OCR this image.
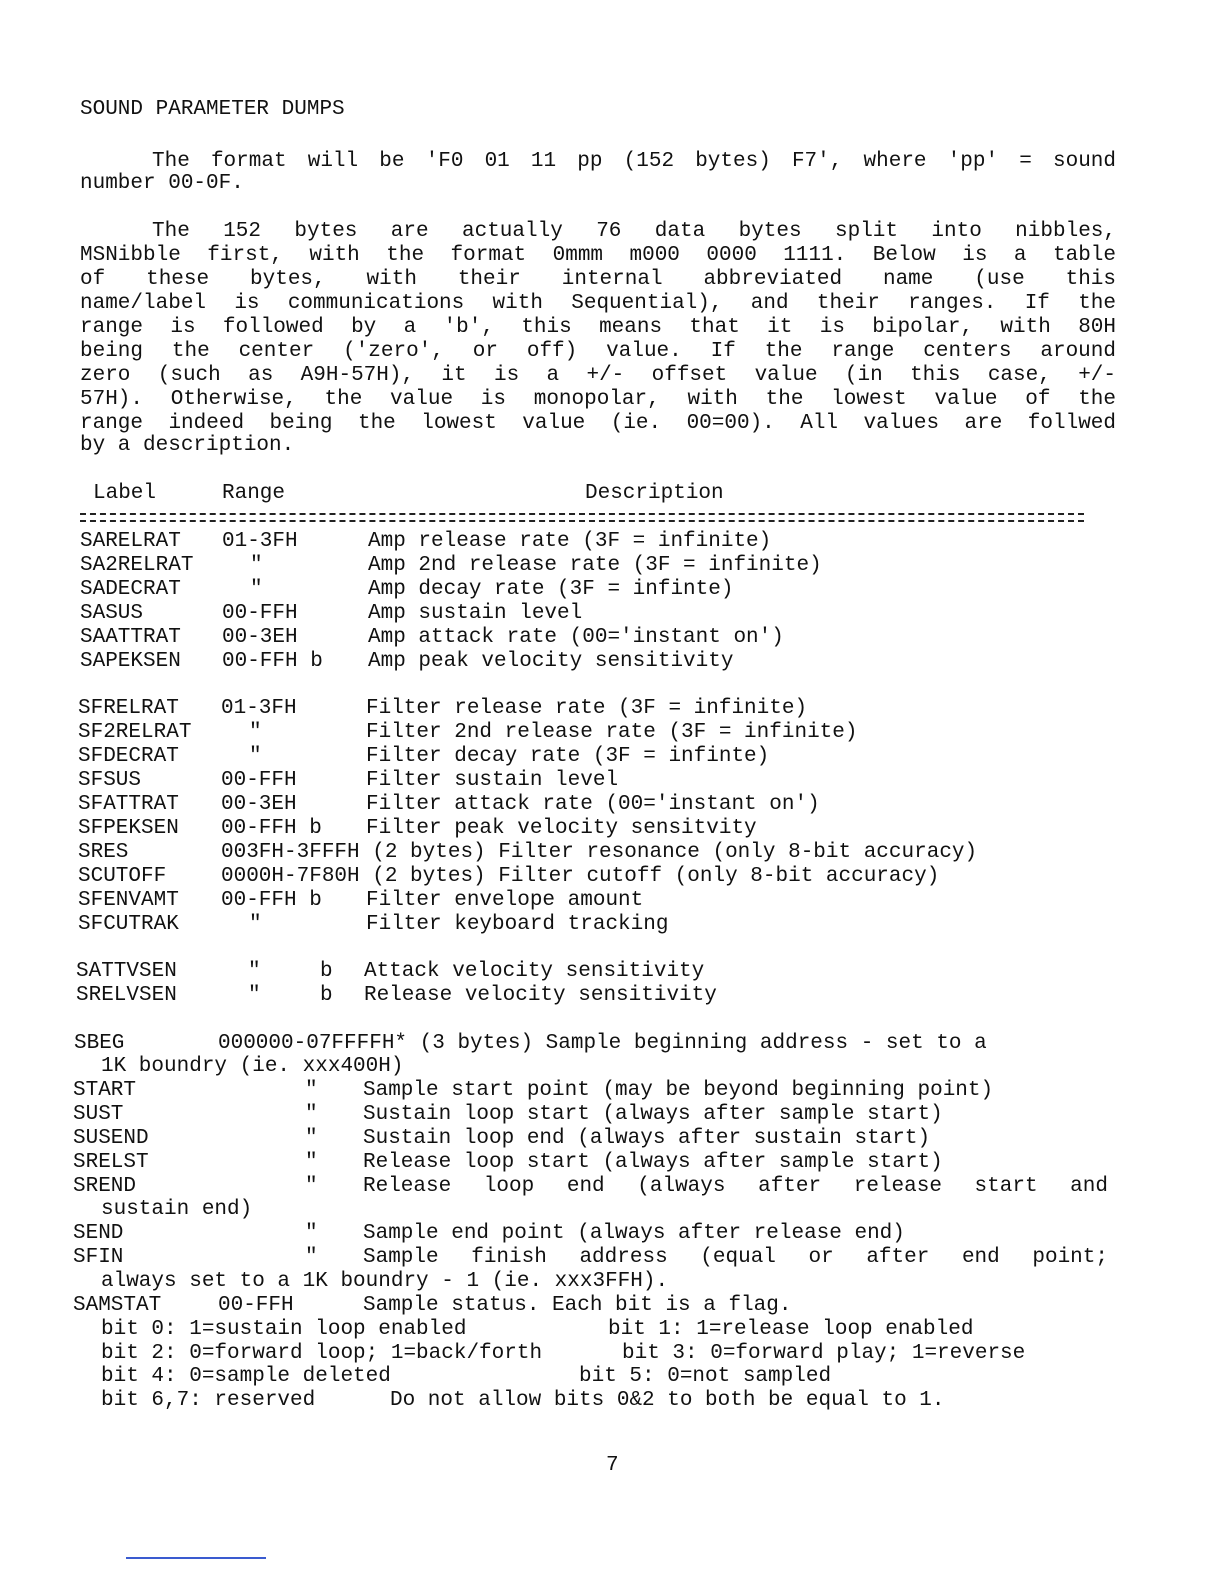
SOUND PARAMETER DUMPS
The format will be 'F0 01 11 pp (152 bytes) F7', where 'pp' = sound
number 00-0F.
The 152 bytes are actually 76 data bytes split into nibbles,
MSNibble first, with the format 0mmm m000 0000 1111. Below is a table
of these bytes, with their internal abbreviated name (use this
name/label is communications with Sequential), and their ranges. If the
range is followed by a 'b', this means that it is bipolar, with 80H
being the center ('zero', or off) value. If the range centers around
zero (such as A9H-57H), it is a +/- offset value (in this case, +/-
57H). Otherwise, the value is monopolar, with the lowest value of the
range indeed being the lowest value (ie. 00=00). All values are follwed
by a description.
Label	Range	Description
SARELRAT 01-3FH	Amp release rate (3F = infinite)
SA2RELRAT	"	Amp 2nd release rate (3F = infinite)
SADECRAT	"	Amp decay rate (3F = infinte)
SASUS	00-FFH	Amp sustain level
SAATTRAT 00-3EH	Amp attack rate (00='instant on')
SAPEKSEN 00-FFH b Amp peak velocity sensitivity
SFRELRAT 01-3FH	Filter release rate (3F = infinite)
SF2RELRAT	"	Filter 2nd release rate (3F = infinite)
SFDECRAT	"	Filter decay rate (3F = infinte)
SFSUS	00-FFH	Filter sustain level
SFATTRAT 00-3EH	Filter attack rate (00='instant on')
SFPEKSEN 00-FFH b Filter peak velocity sensitvity
SRES	003FH-3FFFH (2 bytes) Filter resonance (only 8-bit accuracy)
SCUTOFF	0000H-7F80H (2 bytes) Filter cutoff (only 8-bit accuracy)
SFENVAMT 00-FFH b Filter envelope amount
SFCUTRAK	"	Filter keyboard tracking
SATTVSEN	"	b Attack velocity sensitivity
SRELVSEN	"	b Release velocity sensitivity
SBEG	000000-07FFFFH* (3 bytes) Sample beginning address - set to a
1K boundry (ie. xxx400H)
START	" Sample start point (may be beyond beginning point)
SUST	" Sustain loop start (always after sample start)
SUSEND	" Sustain loop end (always after sustain start)
SRELST	" Release loop start (always after sample start)
SREND	" Release loop end (always after release start and
sustain end)
SEND	" Sample end point (always after release end)
SFIN	" Sample finish address (equal or after end point;
always set to a 1K boundry - 1 (ie. xxx3FFH).
SAMSTAT	00-FFH	Sample status. Each bit is a flag.
bit 0: 1=sustain loop enabled	bit 1: 1=release loop enabled
bit 2: 0=forward loop; 1=back/forth	bit 3: 0=forward play; 1=reverse
bit 4: 0=sample deleted	bit 5: 0=not sampled
bit 6,7: reserved	Do not allow bits 0&2 to both be equal to 1.
7
